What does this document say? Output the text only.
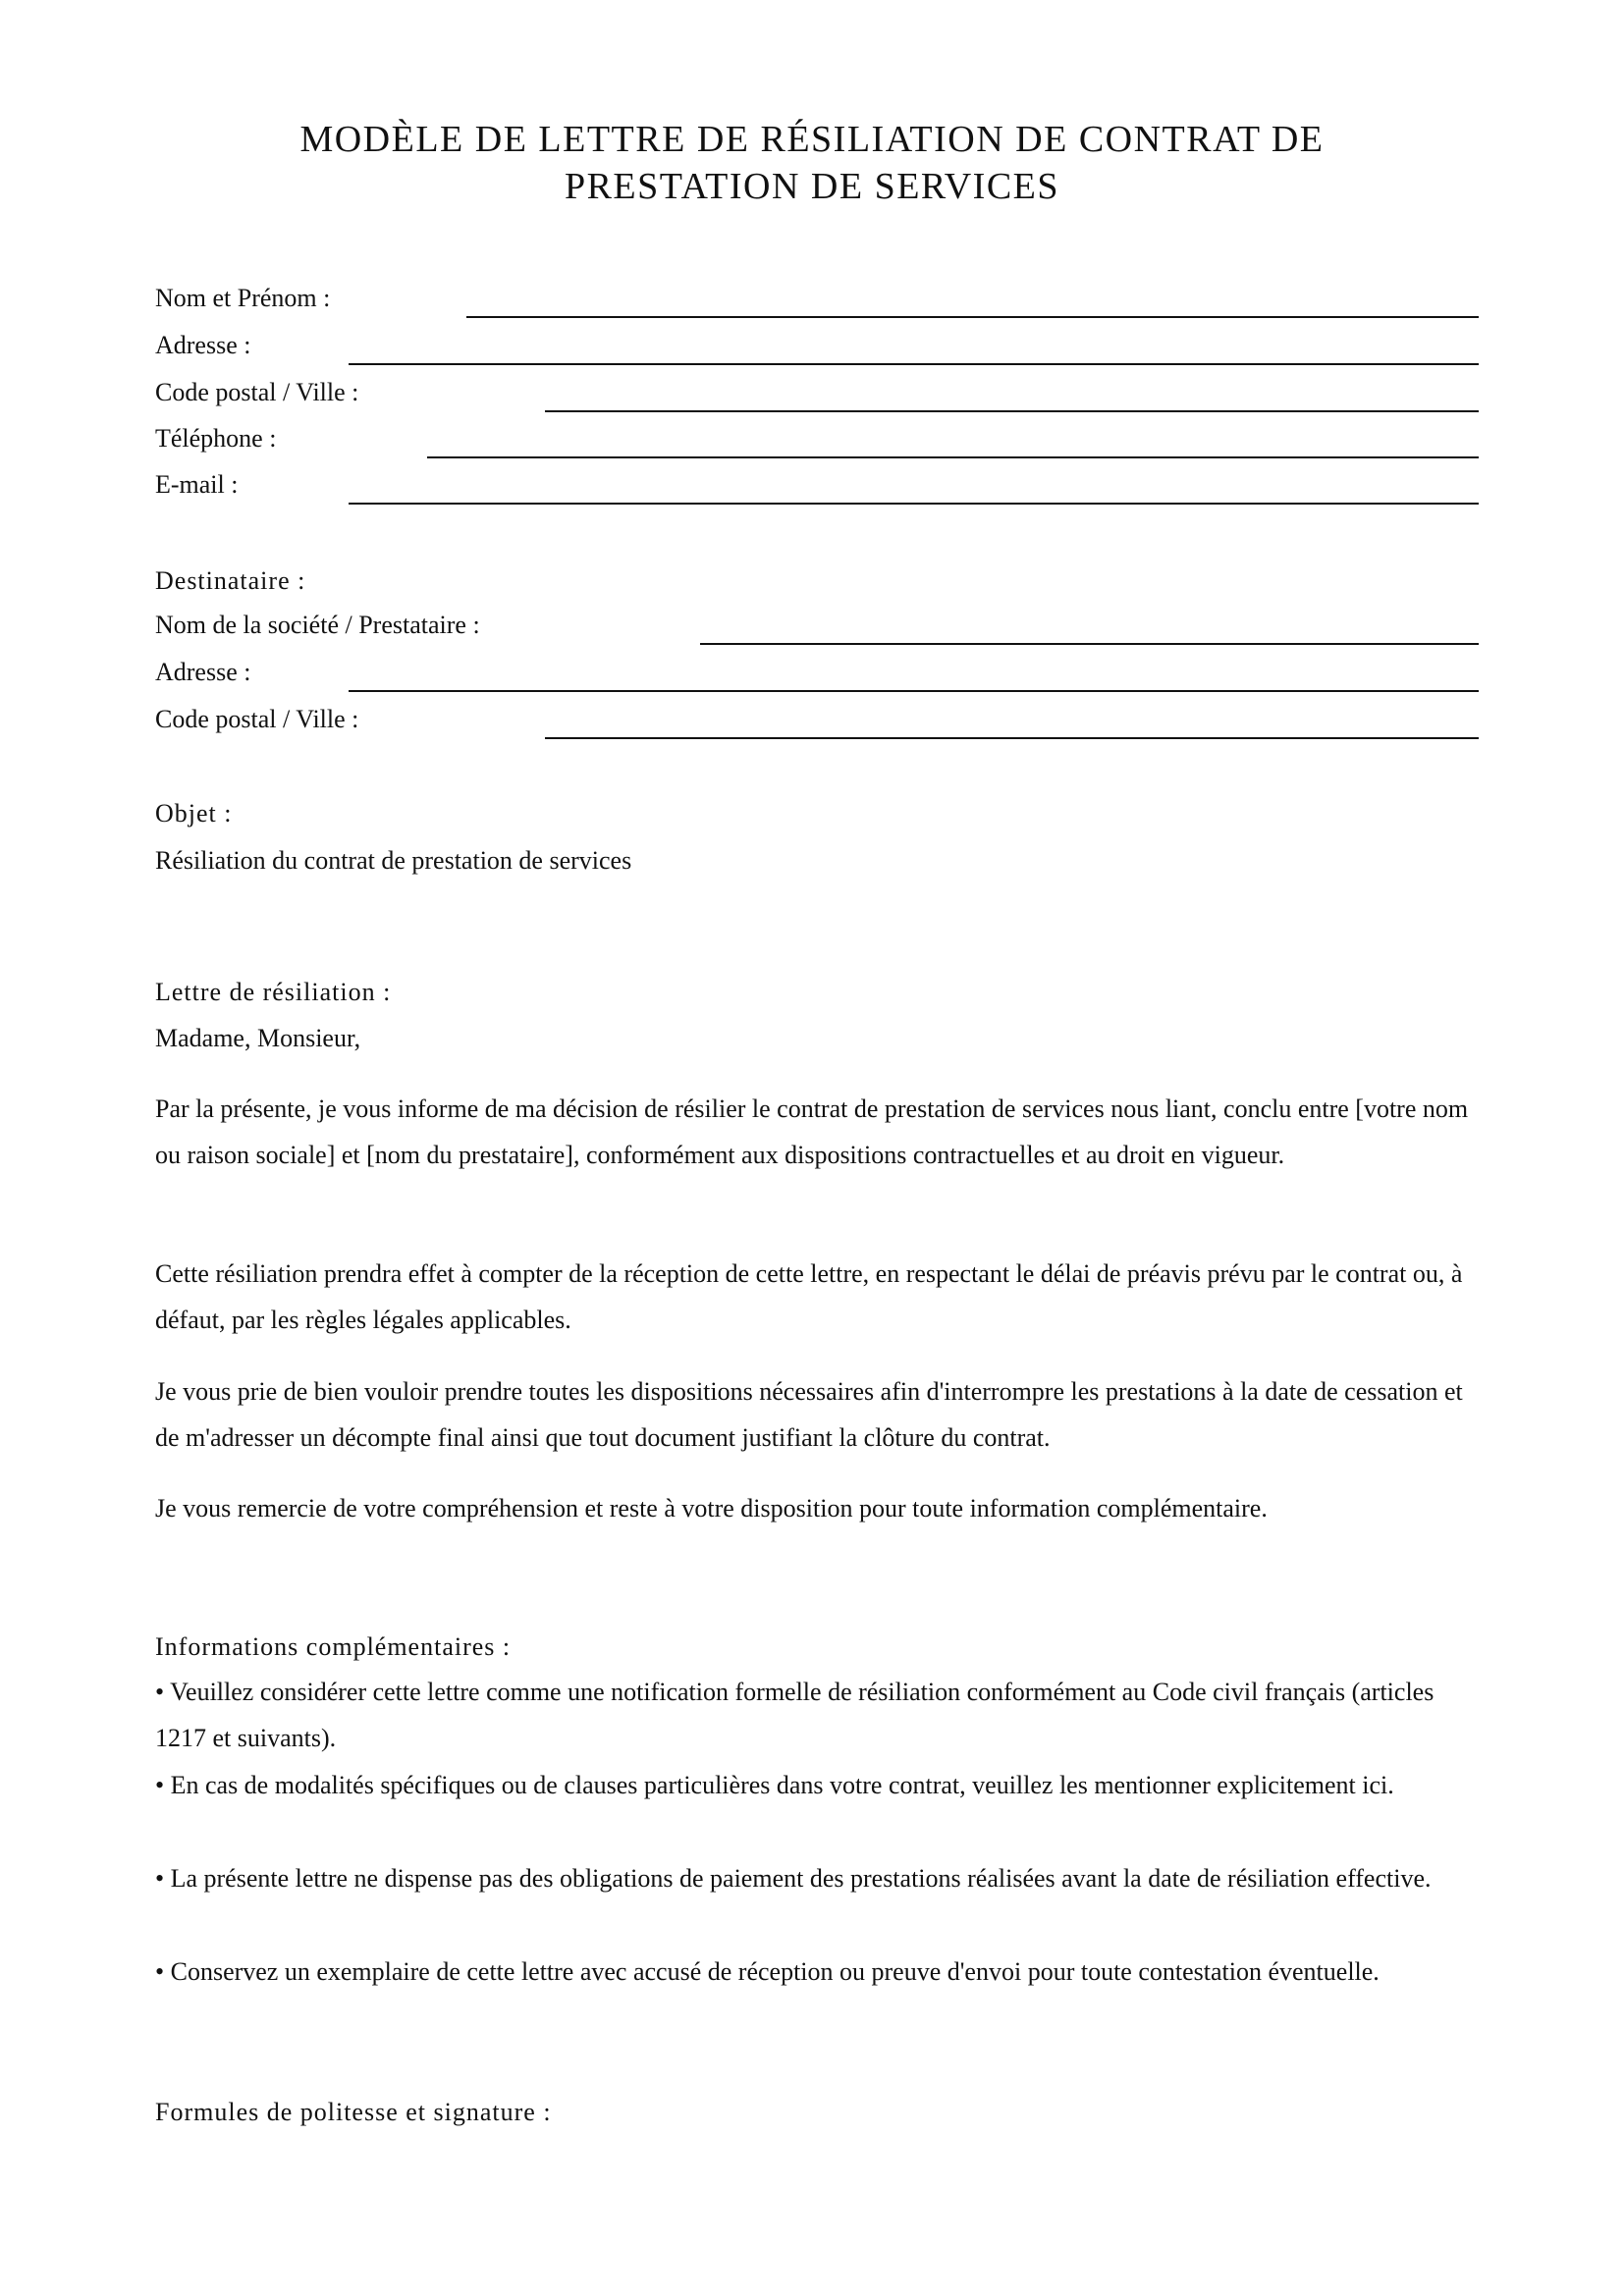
MODÈLE DE LETTRE DE RÉSILIATION DE CONTRAT DE
PRESTATION DE SERVICES
Nom et Prénom :
Adresse :
Code postal / Ville :
Téléphone :
E-mail :
Destinataire :
Nom de la société / Prestataire :
Adresse :
Code postal / Ville :
Objet :
Résiliation du contrat de prestation de services
Lettre de résiliation :
Madame, Monsieur,

Par la présente, je vous informe de ma décision de résilier le contrat de prestation de services nous liant, conclu entre [votre nom ou raison sociale] et [nom du prestataire], conformément aux dispositions contractuelles et au droit en vigueur.

Cette résiliation prendra effet à compter de la réception de cette lettre, en respectant le délai de préavis prévu par le contrat ou, à défaut, par les règles légales applicables.

Je vous prie de bien vouloir prendre toutes les dispositions nécessaires afin d'interrompre les prestations à la date de cessation et de m'adresser un décompte final ainsi que tout document justifiant la clôture du contrat.

Je vous remercie de votre compréhension et reste à votre disposition pour toute information complémentaire.

Informations complémentaires :

• Veuillez considérer cette lettre comme une notification formelle de résiliation conformément au Code civil français (articles 1217 et suivants).

• En cas de modalités spécifiques ou de clauses particulières dans votre contrat, veuillez les mentionner explicitement ici.

• La présente lettre ne dispense pas des obligations de paiement des prestations réalisées avant la date de résiliation effective.

• Conservez un exemplaire de cette lettre avec accusé de réception ou preuve d'envoi pour toute contestation éventuelle.

Formules de politesse et signature :
